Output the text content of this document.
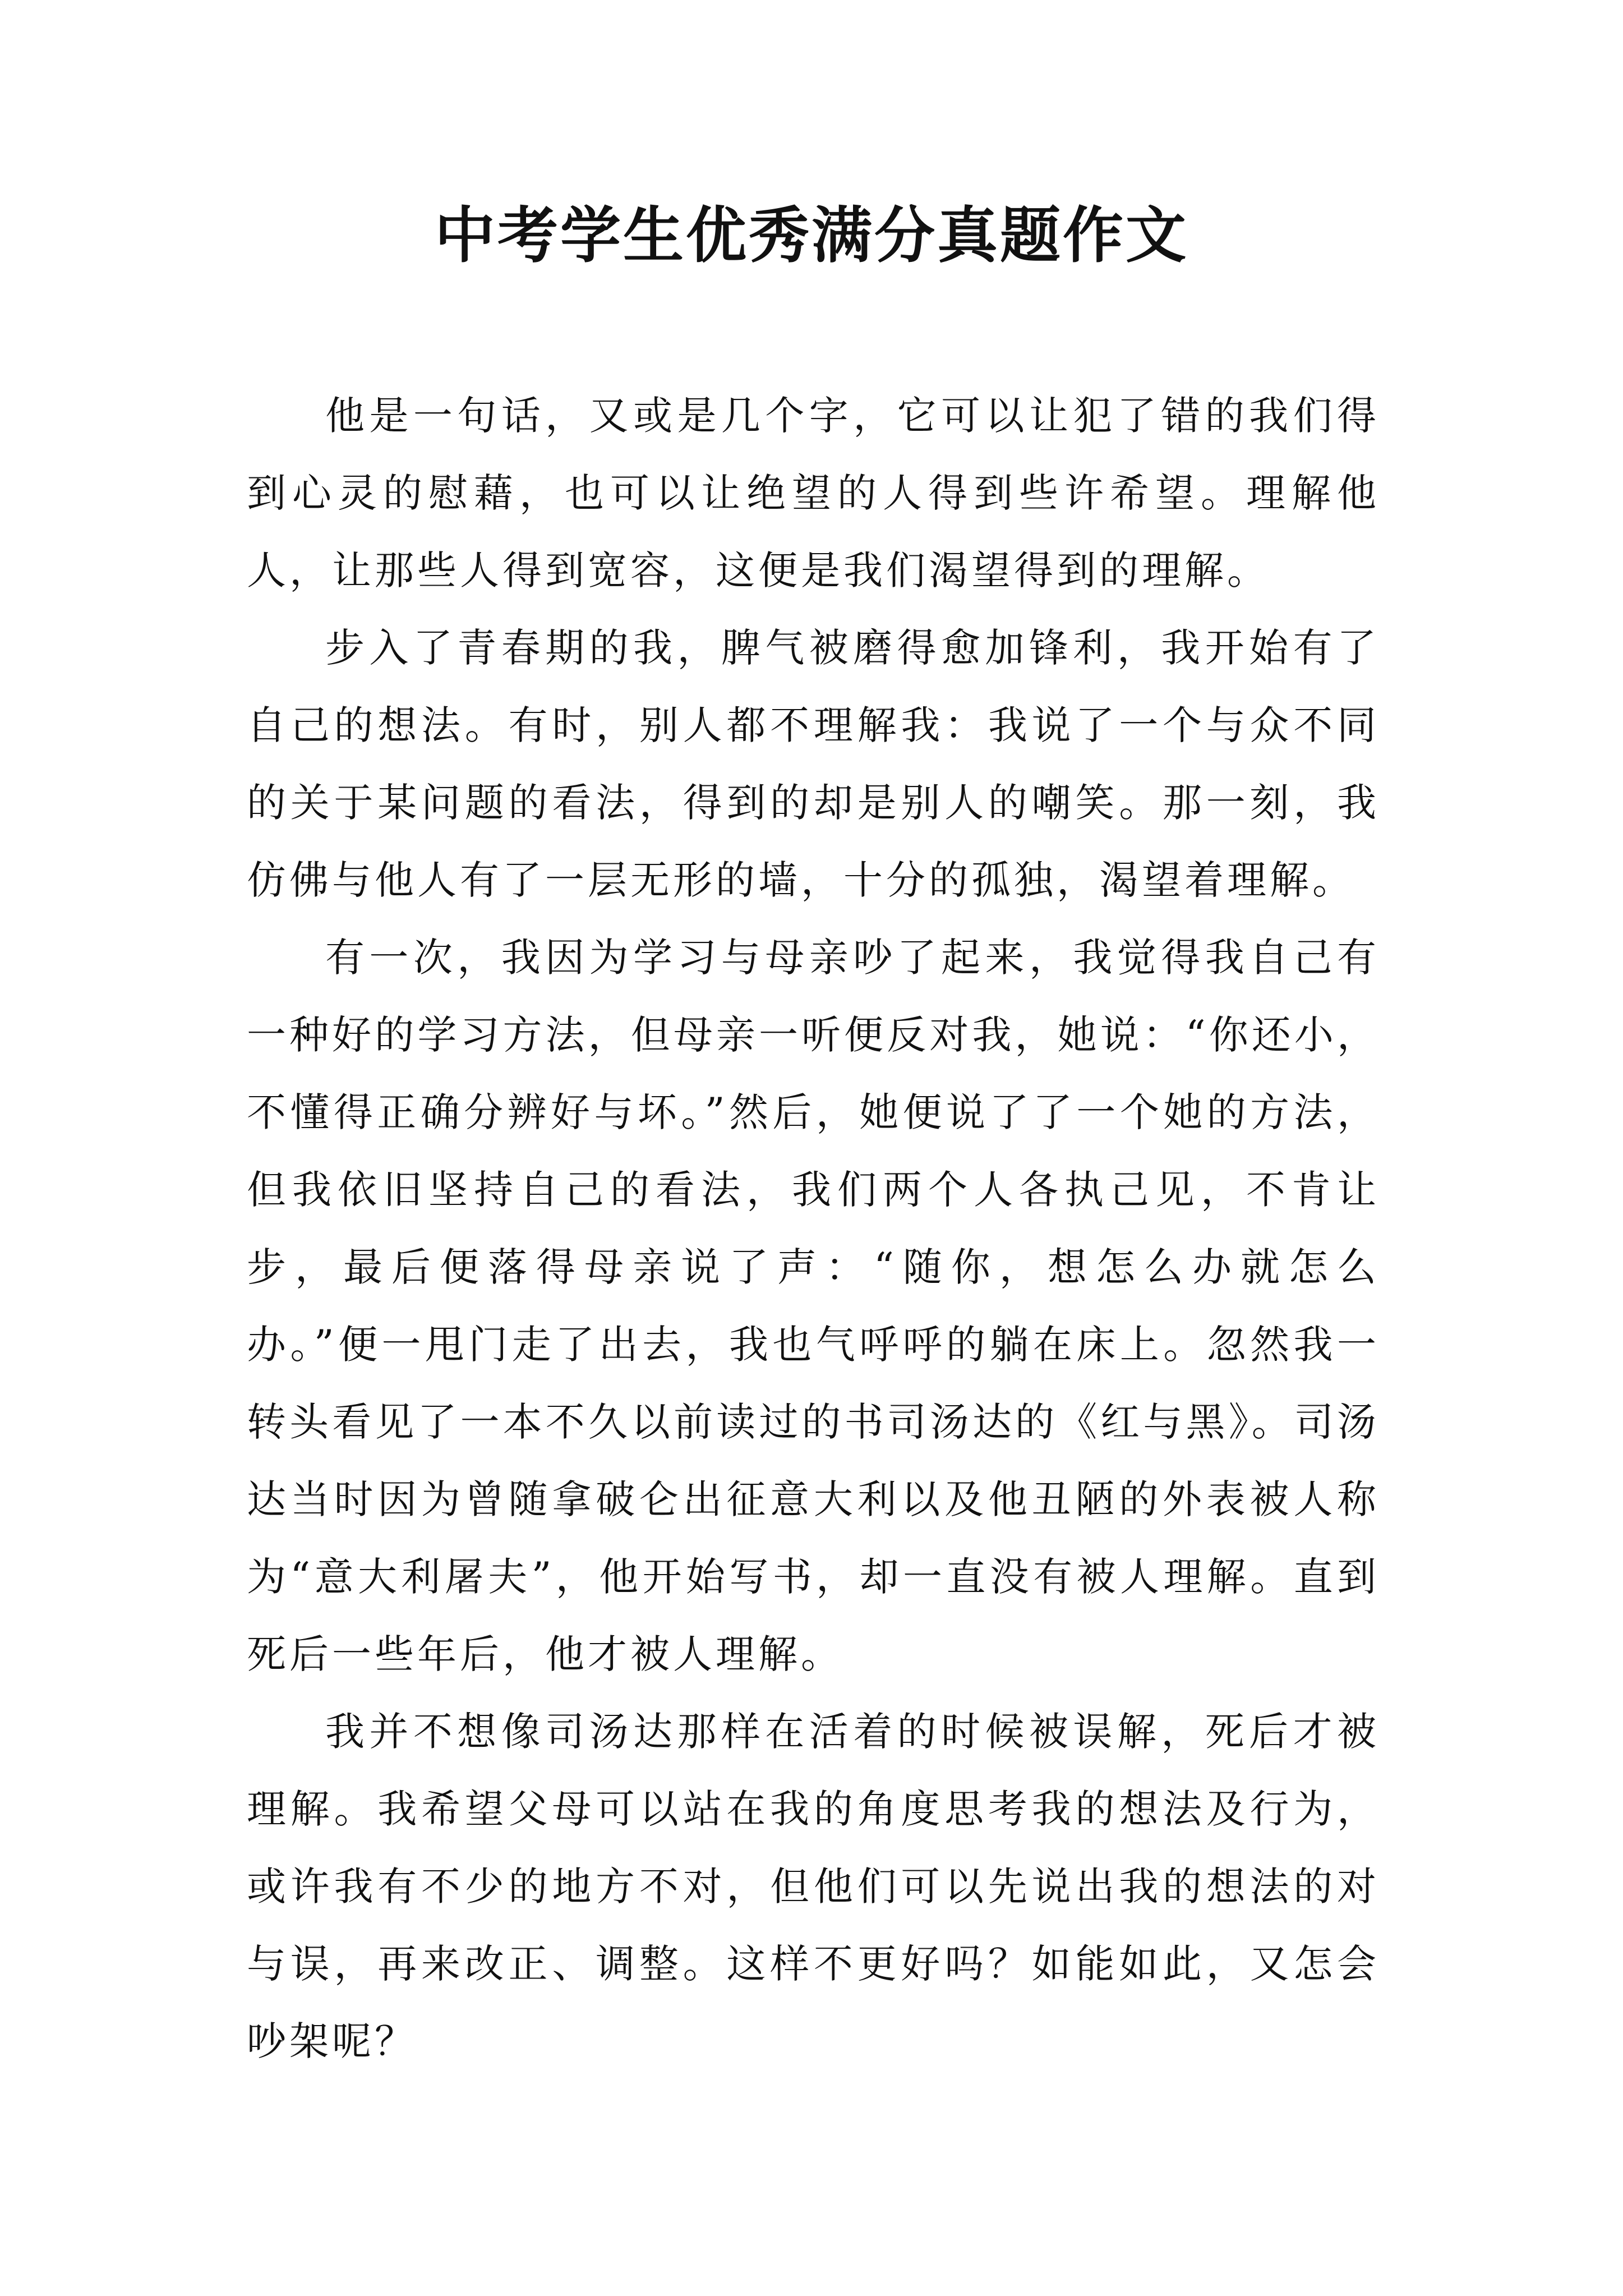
中考学生优秀满分真题作文

他是一句话，又或是几个字，它可以让犯了错的我们得到心灵的慰藉，也可以让绝望的人得到些许希望。理解他人，让那些人得到宽容，这便是我们渴望得到的理解。

步入了青春期的我，脾气被磨得愈加锋利，我开始有了自己的想法。有时，别人都不理解我：我说了一个与众不同的关于某问题的看法，得到的却是别人的嘲笑。那一刻，我仿佛与他人有了一层无形的墙，十分的孤独，渴望着理解。

有一次，我因为学习与母亲吵了起来，我觉得我自己有一种好的学习方法，但母亲一听便反对我，她说：“你还小，不懂得正确分辨好与坏。”然后，她便说了了一个她的方法，但我依旧坚持自己的看法，我们两个人各执己见，不肯让步，最后便落得母亲说了声：“随你，想怎么办就怎么办。”便一甩门走了出去，我也气呼呼的躺在床上。忽然我一转头看见了一本不久以前读过的书司汤达的《红与黑》。司汤达当时因为曾随拿破仑出征意大利以及他丑陋的外表被人称为“意大利屠夫”，他开始写书，却一直没有被人理解。直到死后一些年后，他才被人理解。

我并不想像司汤达那样在活着的时候被误解，死后才被理解。我希望父母可以站在我的角度思考我的想法及行为，或许我有不少的地方不对，但他们可以先说出我的想法的对与误，再来改正、调整。这样不更好吗？如能如此，又怎会吵架呢？
